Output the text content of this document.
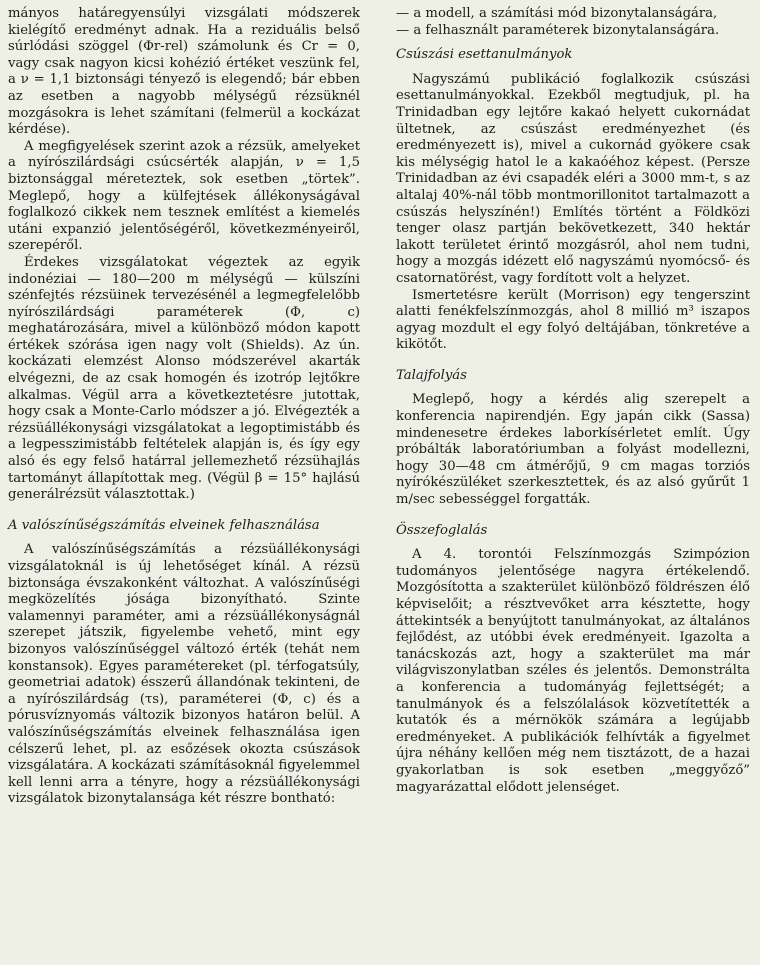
mányos határegyensúlyi vizsgálati módszerek kielégítő eredményt adnak. Ha a reziduális belső súrlódási szöggel (Φr-rel) számolunk és Cr = 0, vagy csak nagyon kicsi kohézió értéket veszünk fel, a ν = 1,1 biztonsági tényező is elegendő; bár ebben az esetben a nagyobb mélységű rézsüknél mozgásokra is lehet számítani (felmerül a kockázat kérdése).

A megfigyelések szerint azok a rézsük, amelyeket a nyírószilárdsági csúcsérték alapján, ν = 1,5 biztonsággal méreteztek, sok esetben „törtek”. Meglepő, hogy a külfejtések állékonyságával foglalkozó cikkek nem tesznek említést a kiemelés utáni expanzió jelentőségéről, következményeiről, szerepéről.

Érdekes vizsgálatokat végeztek az egyik indonéziai — 180—200 m mélységű — külszíni szénfejtés rézsüinek tervezésénél a legmegfelelőbb nyírószilárdsági paraméterek (Φ, c) meghatározására, mivel a különböző módon kapott értékek szórása igen nagy volt (Shields). Az ún. kockázati elemzést Alonso módszerével akarták elvégezni, de az csak homogén és izotróp lejtőkre alkalmas. Végül arra a következtetésre jutottak, hogy csak a Monte-Carlo módszer a jó. Elvégezték a rézsüállékonysági vizsgálatokat a legoptimistább és a legpesszimistább feltételek alapján is, és így egy alsó és egy felső határral jellemezhető rézsühajlás tartományt állapítottak meg. (Végül β = 15° hajlású generálrézsüt választottak.)

A valószínűségszámítás elveinek felhasználása

A valószínűségszámítás a rézsüállékonysági vizsgálatoknál is új lehetőséget kínál. A rézsü biztonsága évszakonként változhat. A valószínűségi megközelítés jósága bizonyítható. Szinte valamennyi paraméter, ami a rézsüállékonyságnál szerepet játszik, figyelembe vehető, mint egy bizonyos valószínűséggel változó érték (tehát nem konstansok). Egyes paramétereket (pl. térfogatsúly, geometriai adatok) ésszerű állandónak tekinteni, de a nyírószilárdság (τs), paraméterei (Φ, c) és a pórusvíznyomás változik bizonyos határon belül. A valószínűségszámítás elveinek felhasználása igen célszerű lehet, pl. az esőzések okozta csúszások vizsgálatára. A kockázati számításoknál figyelemmel kell lenni arra a tényre, hogy a rézsüállékonysági vizsgálatok bizonytalansága két részre bontható:

— a modell, a számítási mód bizonytalanságára,

— a felhasznált paraméterek bizonytalanságára.

Csúszási esettanulmányok

Nagyszámú publikáció foglalkozik csúszási esettanulmányokkal. Ezekből megtudjuk, pl. ha Trinidadban egy lejtőre kakaó helyett cukornádat ültetnek, az csúszást eredményezhet (és eredményezett is), mivel a cukornád gyökere csak kis mélységig hatol le a kakaóéhoz képest. (Persze Trinidadban az évi csapadék eléri a 3000 mm-t, s az altalaj 40%-nál több montmorillonitot tartalmazott a csúszás helyszínén!) Említés történt a Földközi tenger olasz partján bekövetkezett, 340 hektár lakott területet érintő mozgásról, ahol nem tudni, hogy a mozgás idézett elő nagyszámú nyomócső- és csatornatörést, vagy fordított volt a helyzet.

Ismertetésre került (Morrison) egy tengerszint alatti fenékfelszínmozgás, ahol 8 millió m³ iszapos agyag mozdult el egy folyó deltájában, tönkretéve a kikötőt.

Talajfolyás

Meglepő, hogy a kérdés alig szerepelt a konferencia napirendjén. Egy japán cikk (Sassa) mindenesetre érdekes laborkísérletet említ. Úgy próbálták laboratóriumban a folyást modellezni, hogy 30—48 cm átmérőjű, 9 cm magas torziós nyírókészüléket szerkesztettek, és az alsó gyűrűt 1 m/sec sebességgel forgatták.

Összefoglalás

A 4. torontói Felszínmozgás Szimpózion tudományos jelentősége nagyra értékelendő. Mozgósította a szakterület különböző földrészen élő képviselőit; a résztvevőket arra késztette, hogy áttekintsék a benyújtott tanulmányokat, az általános fejlődést, az utóbbi évek eredményeit. Igazolta a tanácskozás azt, hogy a szakterület ma már világviszonylatban széles és jelentős. Demonstrálta a konferencia a tudományág fejlettségét; a tanulmányok és a felszólalások közvetítették a kutatók és a mérnökök számára a legújabb eredményeket. A publikációk felhívták a figyelmet újra néhány kellően még nem tisztázott, de a hazai gyakorlatban is sok esetben „meggyőző” magyarázattal elődott jelenséget.
